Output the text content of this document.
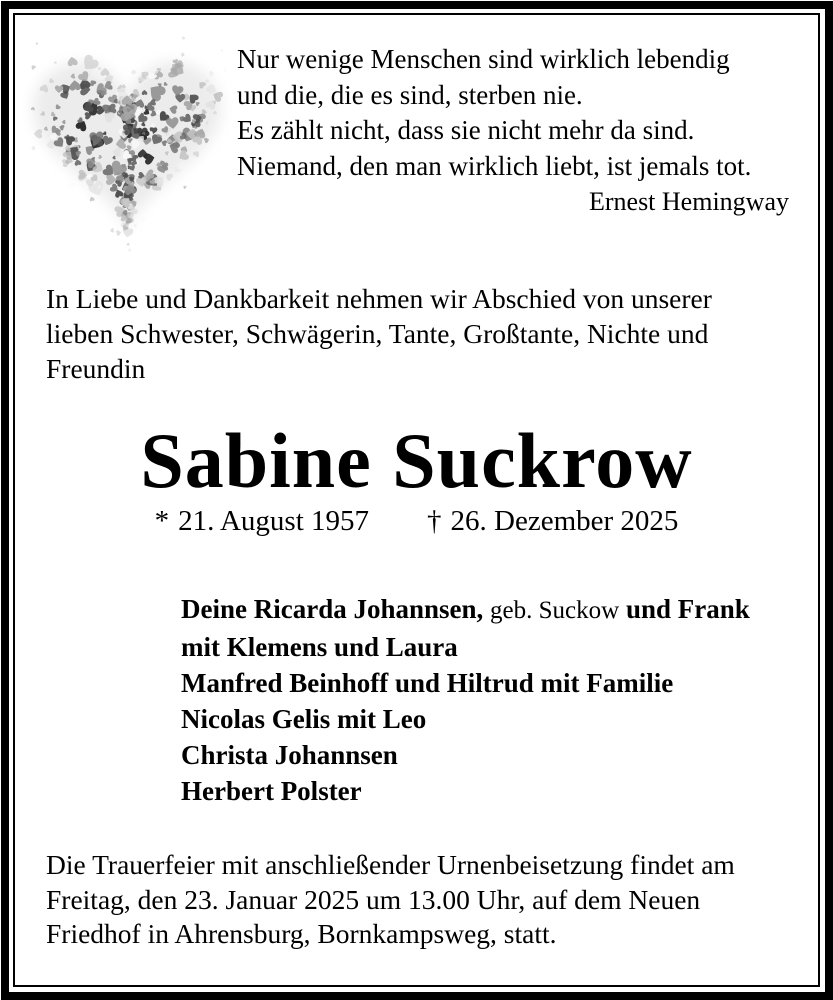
Nur wenige Menschen sind wirklich lebendig
und die, die es sind, sterben nie.
Es zählt nicht, dass sie nicht mehr da sind.
Niemand, den man wirklich liebt, ist jemals tot.
Ernest Hemingway
In Liebe und Dankbarkeit nehmen wir Abschied von unserer
lieben Schwester, Schwägerin, Tante, Großtante, Nichte und
Freundin
Sabine Suckrow
* 21. August 1957 † 26. Dezember 2025
Deine Ricarda Johannsen, geb. Suckow und Frank
mit Klemens und Laura
Manfred Beinhoff und Hiltrud mit Familie
Nicolas Gelis mit Leo
Christa Johannsen
Herbert Polster
Die Trauerfeier mit anschließender Urnenbeisetzung findet am
Freitag, den 23. Januar 2025 um 13.00 Uhr, auf dem Neuen
Friedhof in Ahrensburg, Bornkampsweg, statt.
